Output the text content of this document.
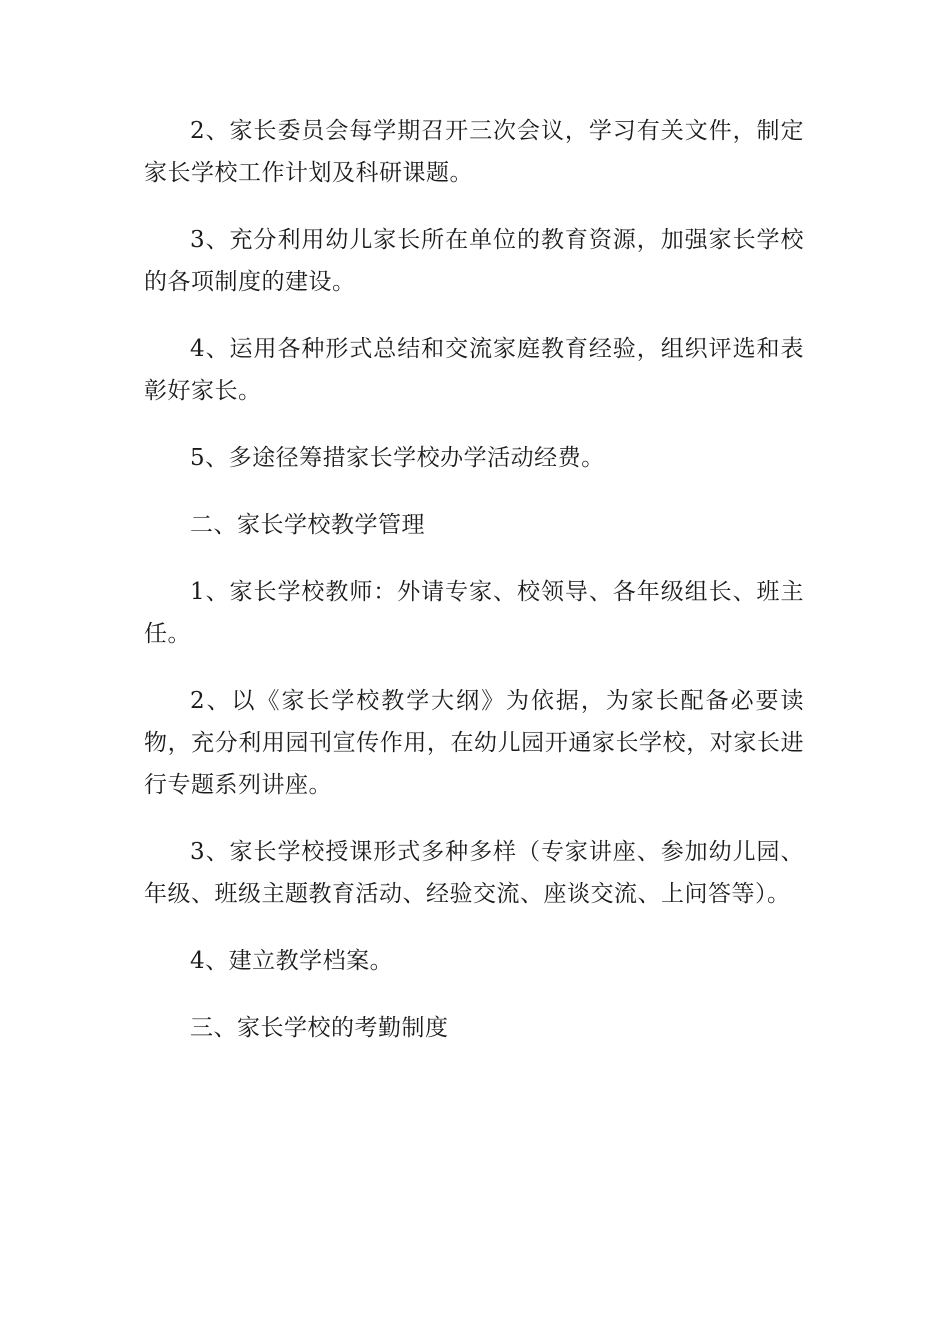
2、家长委员会每学期召开三次会议，学习有关文件，制定家长学校工作计划及科研课题。

3、充分利用幼儿家长所在单位的教育资源，加强家长学校的各项制度的建设。

4、运用各种形式总结和交流家庭教育经验，组织评选和表彰好家长。

5、多途径筹措家长学校办学活动经费。

二、家长学校教学管理

1、家长学校教师：外请专家、校领导、各年级组长、班主任。

2、以《家长学校教学大纲》为依据，为家长配备必要读物，充分利用园刊宣传作用，在幼儿园开通家长学校，对家长进行专题系列讲座。

3、家长学校授课形式多种多样（专家讲座、参加幼儿园、年级、班级主题教育活动、经验交流、座谈交流、上问答等）。

4、建立教学档案。

三、家长学校的考勤制度
